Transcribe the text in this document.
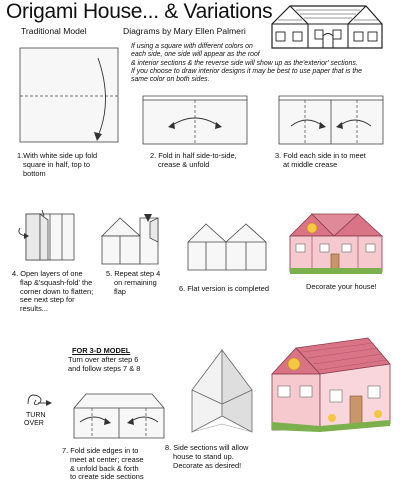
Origami House... & Variations
Traditional Model	Diagrams by Mary Ellen Palmeri
If using a square with different colors on
each side, one side will appear as the roof
& interior sections & the reverse side will show up as the'exterior' sections.
If you choose to draw interior designs it may be best to use paper that is the
same color on both sides.
1.With white side up fold
square in half, top to
bottom
2. Fold in half side-to-side,
crease & unfold
3. Fold each side in to meet
at middle crease
4. Open layers of one
flap &'squash-fold' the
corner down to flatten;
see next step for
results...
5. Repeat step 4
on remaining
flap	6. Flat version is completed	Decorate your house!
FOR 3-D MODEL
Turn over after step 6
and follow steps 7 & 8
TURN
OVER
7. Fold side edges in to
meet at center; crease
& unfold back & forth
to create side sections
8. Side sections will allow
house to stand up.
Decorate as desired!
